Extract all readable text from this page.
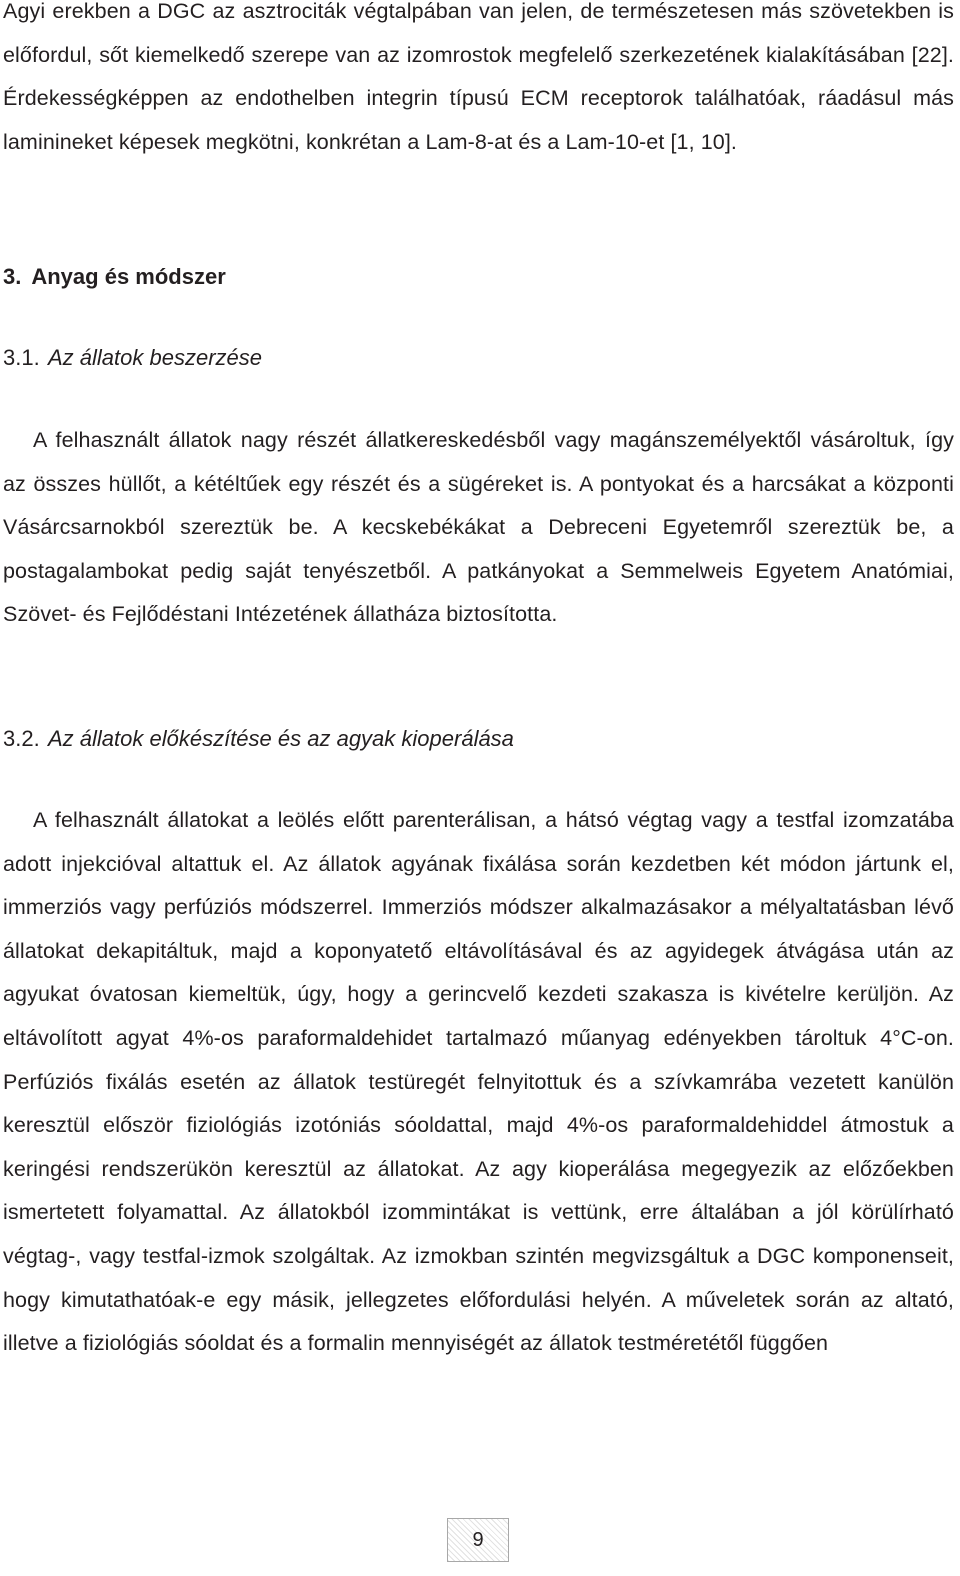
Agyi erekben a DGC az asztrociták végtalpában van jelen, de természetesen más szövetekben is előfordul, sőt kiemelkedő szerepe van az izomrostok megfelelő szerkezetének kialakításában [22]. Érdekességképpen az endothelben integrin típusú ECM receptorok találhatóak, ráadásul más lamininеket képesek megkötni, konkrétan a Lam-8-at és a Lam-10-et [1, 10].

3. Anyag és módszer
3.1. Az állatok beszerzése

A felhasznált állatok nagy részét állatkereskedésből vagy magánszemélyektől vásároltuk, így az összes hüllőt, a kétéltűek egy részét és a sügéreket is. A pontyokat és a harcsákat a központi Vásárcsarnokból szereztük be. A kecskebékákat a Debreceni Egyetemről szereztük be, a postagalambokat pedig saját tenyészetből. A patkányokat a Semmelweis Egyetem Anatómiai, Szövet- és Fejlődéstani Intézetének állatháza biztosította.

3.2. Az állatok előkészítése és az agyak kioperálása

A felhasznált állatokat a leölés előtt parenterálisan, a hátsó végtag vagy a testfal izomzatába adott injekcióval altattuk el. Az állatok agyának fixálása során kezdetben két módon jártunk el, immerziós vagy perfúziós módszerrel. Immerziós módszer alkalmazásakor a mélyaltatásban lévő állatokat dekapitáltuk, majd a koponyatető eltávolításával és az agyidegek átvágása után az agyukat óvatosan kiemeltük, úgy, hogy a gerincvelő kezdeti szakasza is kivételre kerüljön. Az eltávolított agyat 4%-os paraformaldehidet tartalmazó műanyag edényekben tároltuk 4°C-on. Perfúziós fixálás esetén az állatok testüregét felnyitottuk és a szívkamrába vezetett kanülön keresztül először fiziológiás izotóniás sóoldattal, majd 4%-os paraformaldehiddel átmostuk a keringési rendszerükön keresztül az állatokat. Az agy kioperálása megegyezik az előzőekben ismertetett folyamattal. Az állatokból izommintákat is vettünk, erre általában a jól körülírható végtag-, vagy testfal-izmok szolgáltak. Az izmokban szintén megvizsgáltuk a DGC komponenseit, hogy kimutathatóak-e egy másik, jellegzetes előfordulási helyén. A műveletek során az altató, illetve a fiziológiás sóoldat és a formalin mennyiségét az állatok testméretétől függően

9
